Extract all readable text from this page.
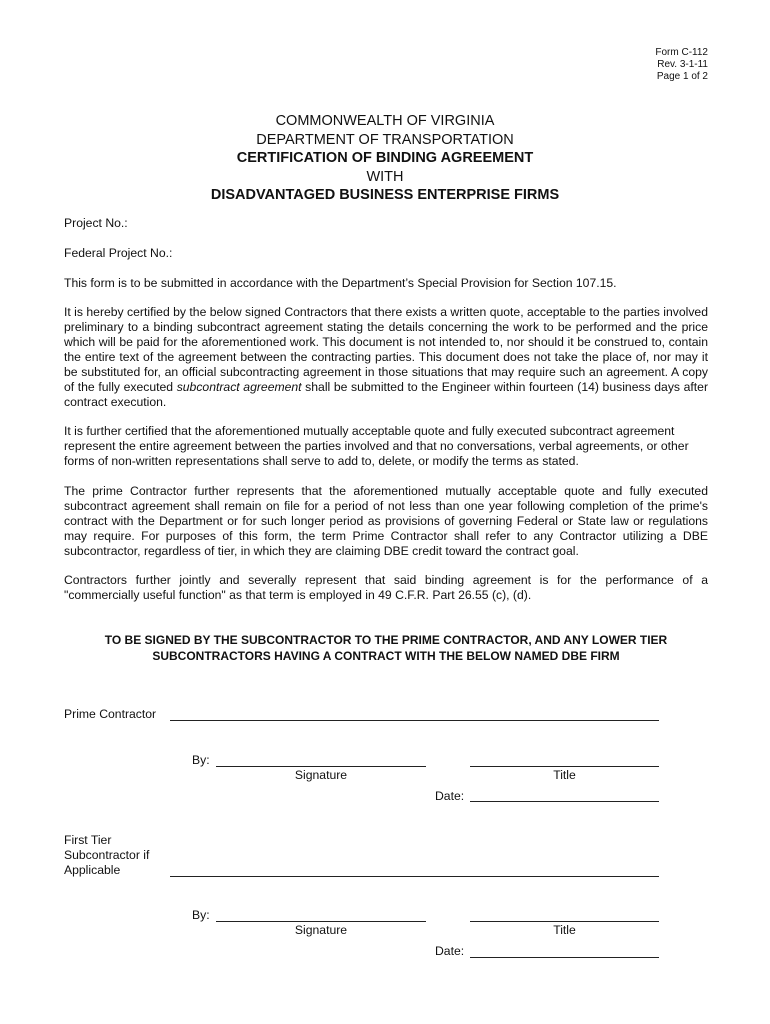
Form C-112
Rev. 3-1-11
Page 1 of 2
COMMONWEALTH OF VIRGINIA
DEPARTMENT OF TRANSPORTATION
CERTIFICATION OF BINDING AGREEMENT
WITH
DISADVANTAGED BUSINESS ENTERPRISE FIRMS
Project No.:
Federal Project No.:
This form is to be submitted in accordance with the Department’s Special Provision for Section 107.15.
It is hereby certified by the below signed Contractors that there exists a written quote, acceptable to the parties involved preliminary to a binding subcontract agreement stating the details concerning the work to be performed and the price which will be paid for the aforementioned work. This document is not intended to, nor should it be construed to, contain the entire text of the agreement between the contracting parties. This document does not take the place of, nor may it be substituted for, an official subcontracting agreement in those situations that may require such an agreement. A copy of the fully executed subcontract agreement shall be submitted to the Engineer within fourteen (14) business days after contract execution.
It is further certified that the aforementioned mutually acceptable quote and fully executed subcontract agreement represent the entire agreement between the parties involved and that no conversations, verbal agreements, or other forms of non-written representations shall serve to add to, delete, or modify the terms as stated.
The prime Contractor further represents that the aforementioned mutually acceptable quote and fully executed subcontract agreement shall remain on file for a period of not less than one year following completion of the prime's contract with the Department or for such longer period as provisions of governing Federal or State law or regulations may require. For purposes of this form, the term Prime Contractor shall refer to any Contractor utilizing a DBE subcontractor, regardless of tier, in which they are claiming DBE credit toward the contract goal.
Contractors further jointly and severally represent that said binding agreement is for the performance of a "commercially useful function" as that term is employed in 49 C.F.R. Part 26.55 (c), (d).
TO BE SIGNED BY THE SUBCONTRACTOR TO THE PRIME CONTRACTOR, AND ANY LOWER TIER
SUBCONTRACTORS HAVING A CONTRACT WITH THE BELOW NAMED DBE FIRM
Prime Contractor
By:
Signature	Title
Date:
First Tier
Subcontractor if
Applicable
By:
Signature	Title
Date:
